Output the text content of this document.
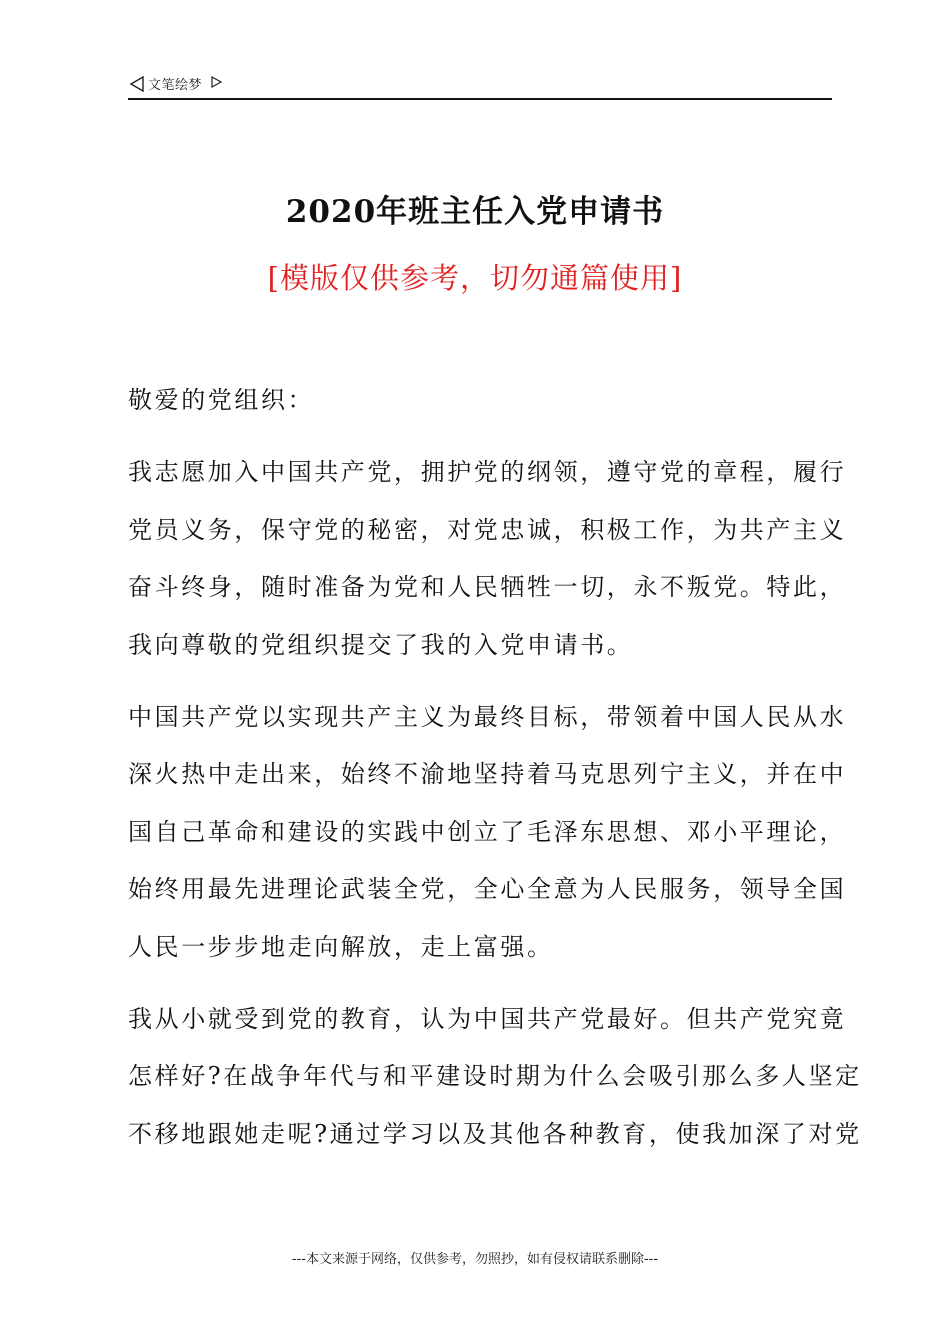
文笔绘梦
2020年班主任入党申请书
[模版仅供参考，切勿通篇使用]

敬爱的党组织：

我志愿加入中国共产党，拥护党的纲领，遵守党的章程，履行
党员义务，保守党的秘密，对党忠诚，积极工作，为共产主义
奋斗终身，随时准备为党和人民牺牲一切，永不叛党。特此，
我向尊敬的党组织提交了我的入党申请书。

中国共产党以实现共产主义为最终目标，带领着中国人民从水
深火热中走出来，始终不渝地坚持着马克思列宁主义，并在中
国自己革命和建设的实践中创立了毛泽东思想、邓小平理论，
始终用最先进理论武装全党，全心全意为人民服务，领导全国
人民一步步地走向解放，走上富强。

我从小就受到党的教育，认为中国共产党最好。但共产党究竟
怎样好?在战争年代与和平建设时期为什么会吸引那么多人坚定
不移地跟她走呢?通过学习以及其他各种教育，使我加深了对党

---本文来源于网络，仅供参考，勿照抄，如有侵权请联系删除---
